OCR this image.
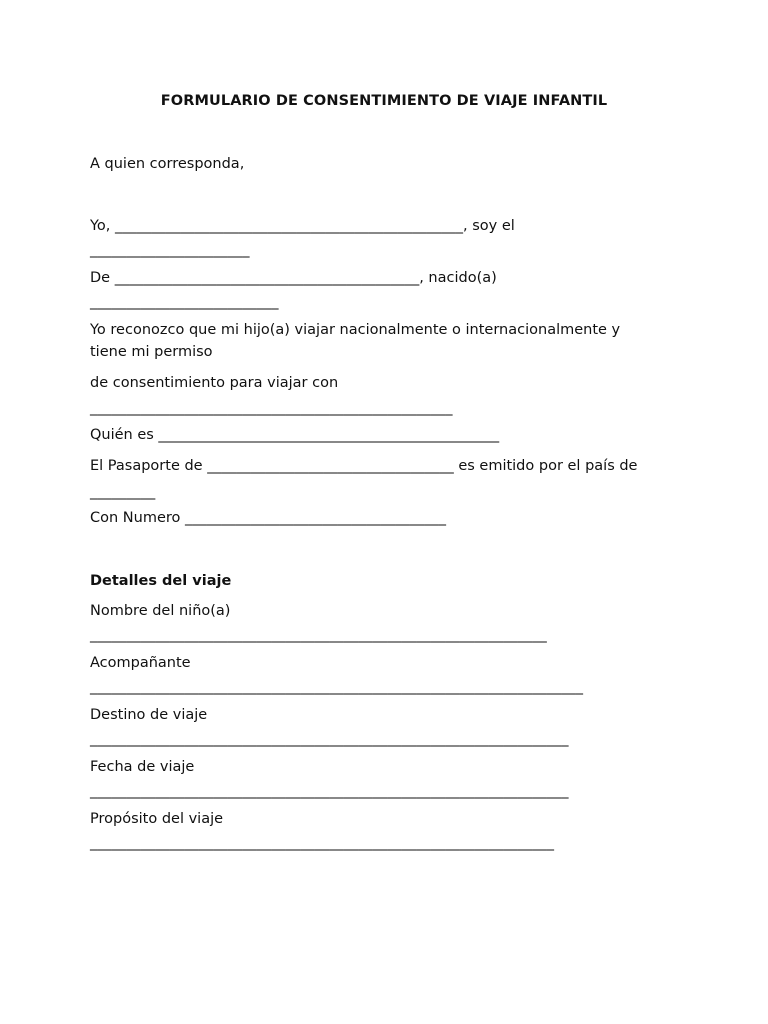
FORMULARIO DE CONSENTIMIENTO DE VIAJE INFANTIL
A quien corresponda,
Yo, ________________________________________________, soy el
______________________
De __________________________________________, nacido(a)
__________________________
Yo reconozco que mi hijo(a) viajar nacionalmente o internacionalmente y
tiene mi permiso
de consentimiento para viajar con
__________________________________________________
Quién es _______________________________________________
El Pasaporte de __________________________________ es emitido por el país de
_________
Con Numero ____________________________________
Detalles del viaje
Nombre del niño(a)
_______________________________________________________________
Acompañante
____________________________________________________________________
Destino de viaje
__________________________________________________________________
Fecha de viaje
__________________________________________________________________
Propósito del viaje
________________________________________________________________
